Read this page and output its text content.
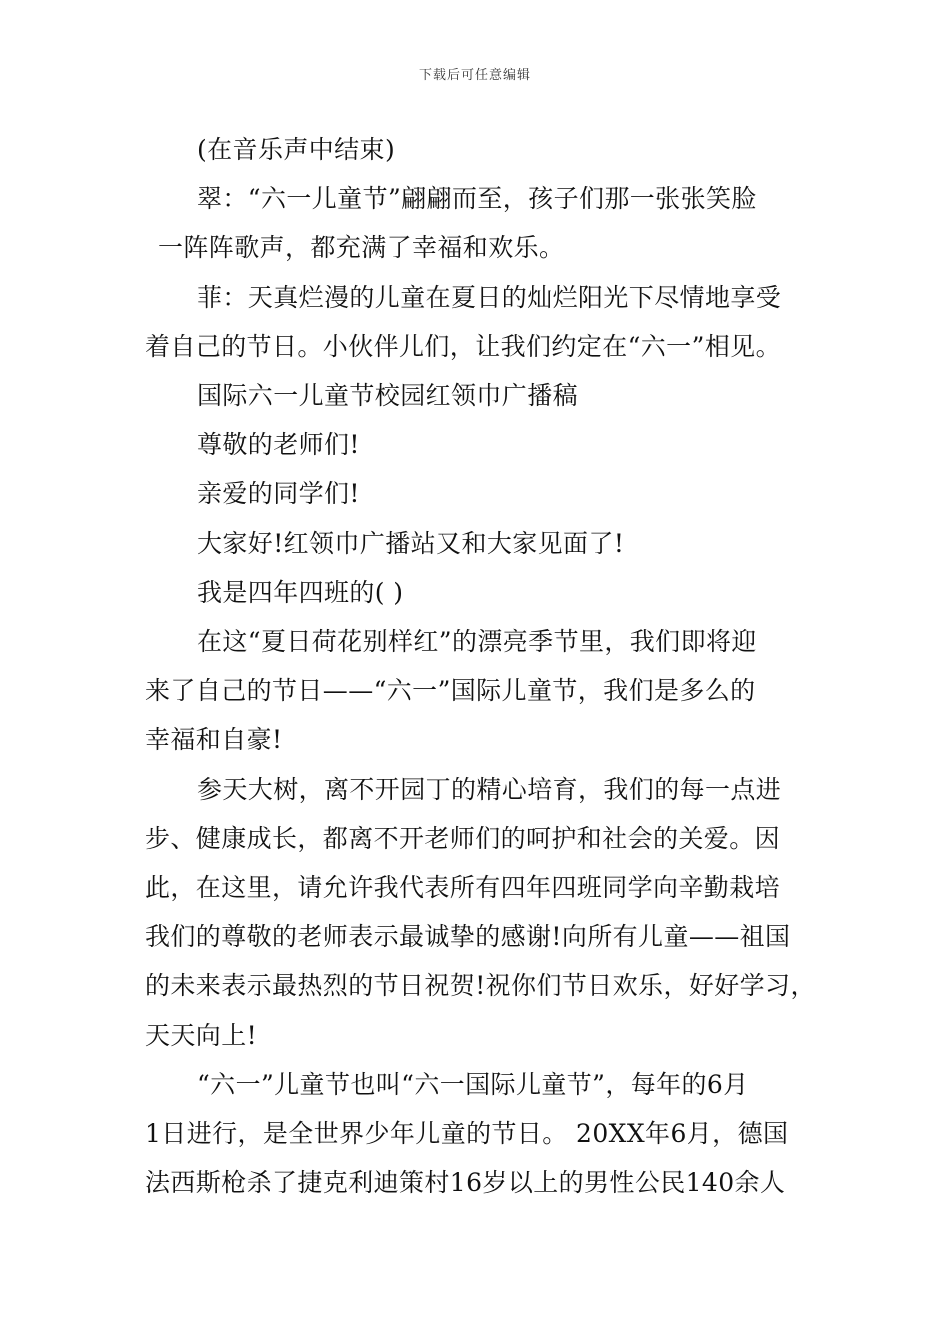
下载后可任意编辑

(在音乐声中结束)

翠：“六一儿童节”翩翩而至，孩子们那一张张笑脸

一阵阵歌声，都充满了幸福和欢乐。

菲：天真烂漫的儿童在夏日的灿烂阳光下尽情地享受

着自己的节日。小伙伴儿们，让我们约定在“六一”相见。

国际六一儿童节校园红领巾广播稿

尊敬的老师们!

亲爱的同学们!

大家好!红领巾广播站又和大家见面了!

我是四年四班的( )

在这“夏日荷花别样红”的漂亮季节里，我们即将迎

来了自己的节日——“六一”国际儿童节，我们是多么的

幸福和自豪!

参天大树，离不开园丁的精心培育，我们的每一点进

步、健康成长，都离不开老师们的呵护和社会的关爱。因

此，在这里，请允许我代表所有四年四班同学向辛勤栽培

我们的尊敬的老师表示最诚挚的感谢!向所有儿童——祖国

的未来表示最热烈的节日祝贺!祝你们节日欢乐，好好学习，

天天向上!

“六一”儿童节也叫“六一国际儿童节”，每年的6月

1日进行，是全世界少年儿童的节日。 20XX年6月，德国

法西斯枪杀了捷克利迪策村16岁以上的男性公民140余人
